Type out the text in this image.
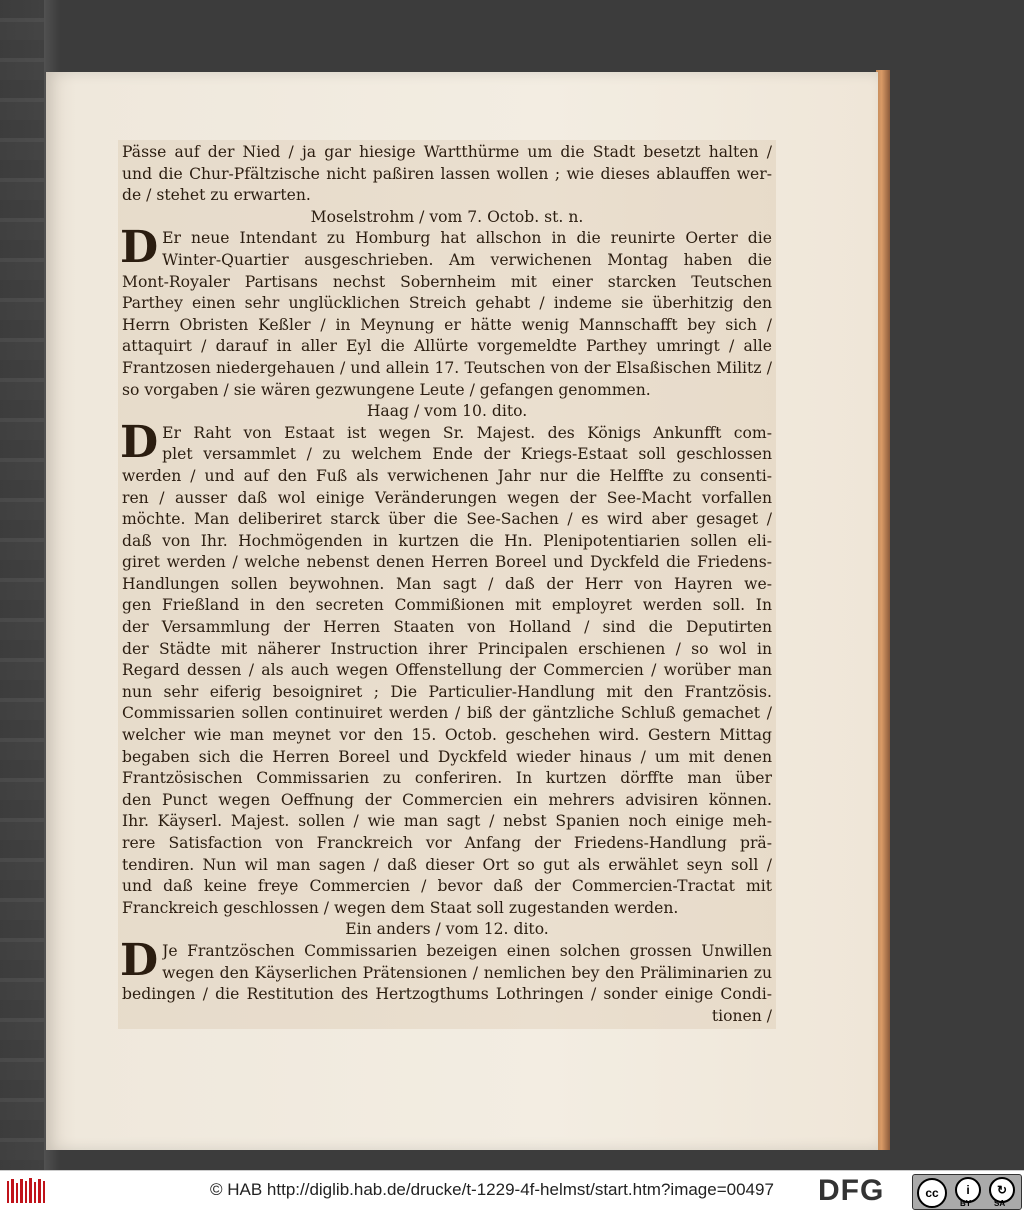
Pässe auf der Nied / ja gar hiesige Wartthürme um die Stadt besetzt halten /
und die Chur-Pfältzische nicht paßiren lassen wollen ; wie dieses ablauffen wer-
de / stehet zu erwarten.
Moselstrohm / vom 7. Octob. st. n.
D Er neue Intendant zu Homburg hat allschon in die reunirte Oerter die
Winter-Quartier ausgeschrieben. Am verwichenen Montag haben die
Mont-Royaler Partisans nechst Sobernheim mit einer starcken Teutschen
Parthey einen sehr unglücklichen Streich gehabt / indeme sie überhitzig den
Herrn Obristen Keßler / in Meynung er hätte wenig Mannschafft bey sich /
attaquirt / darauf in aller Eyl die Allürte vorgemeldte Parthey umringt / alle
Frantzosen niedergehauen / und allein 17. Teutschen von der Elsaßischen Militz /
so vorgaben / sie wären gezwungene Leute / gefangen genommen.
Haag / vom 10. dito.
D Er Raht von Estaat ist wegen Sr. Majest. des Königs Ankunfft com-
plet versammlet / zu welchem Ende der Kriegs-Estaat soll geschlossen
werden / und auf den Fuß als verwichenen Jahr nur die Helffte zu consenti-
ren / ausser daß wol einige Veränderungen wegen der See-Macht vorfallen
möchte. Man deliberiret starck über die See-Sachen / es wird aber gesaget /
daß von Ihr. Hochmögenden in kurtzen die Hn. Plenipotentiarien sollen eli-
giret werden / welche nebenst denen Herren Boreel und Dyckfeld die Friedens-
Handlungen sollen beywohnen. Man sagt / daß der Herr von Hayren we-
gen Frießland in den secreten Commißionen mit employret werden soll. In
der Versammlung der Herren Staaten von Holland / sind die Deputirten
der Städte mit näherer Instruction ihrer Principalen erschienen / so wol in
Regard dessen / als auch wegen Offenstellung der Commercien / worüber man
nun sehr eiferig besoigniret ; Die Particulier-Handlung mit den Frantzösis.
Commissarien sollen continuiret werden / biß der gäntzliche Schluß gemachet /
welcher wie man meynet vor den 15. Octob. geschehen wird. Gestern Mittag
begaben sich die Herren Boreel und Dyckfeld wieder hinaus / um mit denen
Frantzösischen Commissarien zu conferiren. In kurtzen dörffte man über
den Punct wegen Oeffnung der Commercien ein mehrers advisiren können.
Ihr. Käyserl. Majest. sollen / wie man sagt / nebst Spanien noch einige meh-
rere Satisfaction von Franckreich vor Anfang der Friedens-Handlung prä-
tendiren. Nun wil man sagen / daß dieser Ort so gut als erwählet seyn soll /
und daß keine freye Commercien / bevor daß der Commercien-Tractat mit
Franckreich geschlossen / wegen dem Staat soll zugestanden werden.
Ein anders / vom 12. dito.
D Je Frantzöschen Commissarien bezeigen einen solchen grossen Unwillen
wegen den Käyserlichen Prätensionen / nemlichen bey den Präliminarien zu
bedingen / die Restitution des Hertzogthums Lothringen / sonder einige Condi-
tionen /
© HAB http://diglib.hab.de/drucke/t-1229-4f-helmst/start.htm?image=00497 DFG	cc	i
BY
↻
SA
